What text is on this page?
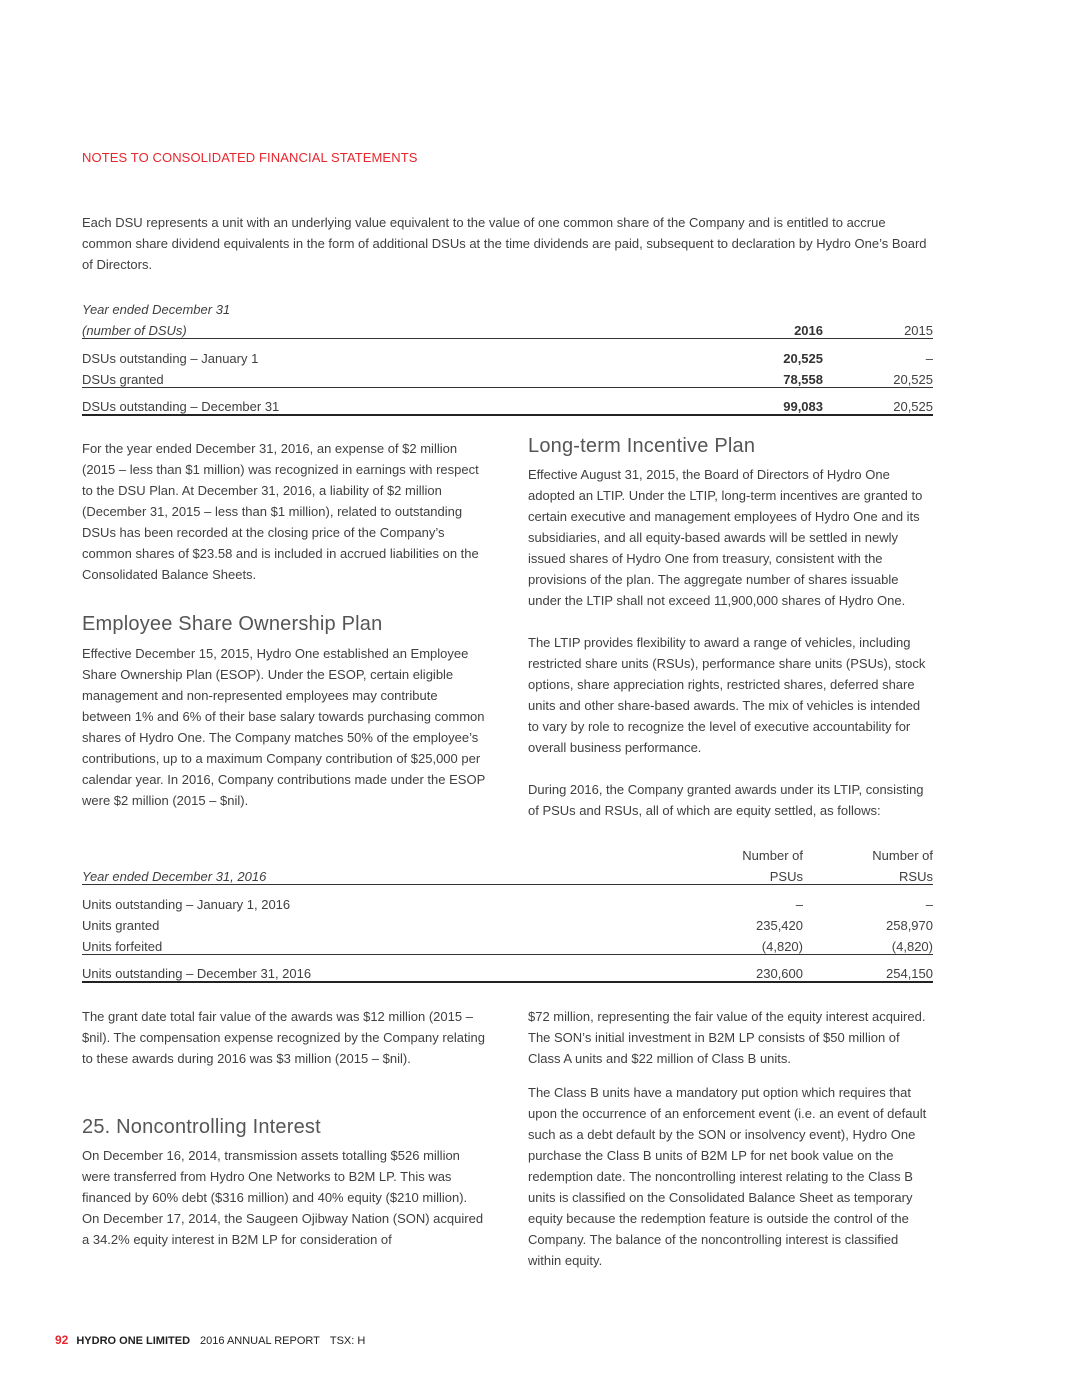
NOTES TO CONSOLIDATED FINANCIAL STATEMENTS

Each DSU represents a unit with an underlying value equivalent to the value of one common share of the Company and is entitled to accrue common share dividend equivalents in the form of additional DSUs at the time dividends are paid, subsequent to declaration by Hydro One’s Board of Directors.

Year ended December 31		
(number of DSUs)	2016	2015
DSUs outstanding – January 1	20,525	–
DSUs granted	78,558	20,525
DSUs outstanding – December 31	99,083	20,525

For the year ended December 31, 2016, an expense of $2 million (2015 – less than $1 million) was recognized in earnings with respect to the DSU Plan. At December 31, 2016, a liability of $2 million (December 31, 2015 – less than $1 million), related to outstanding DSUs has been recorded at the closing price of the Company’s common shares of $23.58 and is included in accrued liabilities on the Consolidated Balance Sheets.

Employee Share Ownership Plan

Effective December 15, 2015, Hydro One established an Employee Share Ownership Plan (ESOP). Under the ESOP, certain eligible management and non-represented employees may contribute between 1% and 6% of their base salary towards purchasing common shares of Hydro One. The Company matches 50% of the employee’s contributions, up to a maximum Company contribution of $25,000 per calendar year. In 2016, Company contributions made under the ESOP were $2 million (2015 – $nil).

Long-term Incentive Plan

Effective August 31, 2015, the Board of Directors of Hydro One adopted an LTIP. Under the LTIP, long-term incentives are granted to certain executive and management employees of Hydro One and its subsidiaries, and all equity-based awards will be settled in newly issued shares of Hydro One from treasury, consistent with the provisions of the plan. The aggregate number of shares issuable under the LTIP shall not exceed 11,900,000 shares of Hydro One.

The LTIP provides flexibility to award a range of vehicles, including restricted share units (RSUs), performance share units (PSUs), stock options, share appreciation rights, restricted shares, deferred share units and other share-based awards. The mix of vehicles is intended to vary by role to recognize the level of executive accountability for overall business performance.

During 2016, the Company granted awards under its LTIP, consisting of PSUs and RSUs, all of which are equity settled, as follows:

	Number of	Number of
Year ended December 31, 2016	PSUs	RSUs
Units outstanding – January 1, 2016	–	–
Units granted	235,420	258,970
Units forfeited	(4,820)	(4,820)
Units outstanding – December 31, 2016	230,600	254,150

The grant date total fair value of the awards was $12 million (2015 – $nil). The compensation expense recognized by the Company relating to these awards during 2016 was $3 million (2015 – $nil).

25. Noncontrolling Interest

On December 16, 2014, transmission assets totalling $526 million were transferred from Hydro One Networks to B2M LP. This was financed by 60% debt ($316 million) and 40% equity ($210 million). On December 17, 2014, the Saugeen Ojibway Nation (SON) acquired a 34.2% equity interest in B2M LP for consideration of

$72 million, representing the fair value of the equity interest acquired. The SON’s initial investment in B2M LP consists of $50 million of Class A units and $22 million of Class B units.

The Class B units have a mandatory put option which requires that upon the occurrence of an enforcement event (i.e. an event of default such as a debt default by the SON or insolvency event), Hydro One purchase the Class B units of B2M LP for net book value on the redemption date. The noncontrolling interest relating to the Class B units is classified on the Consolidated Balance Sheet as temporary equity because the redemption feature is outside the control of the Company. The balance of the noncontrolling interest is classified within equity.

92 HYDRO ONE LIMITED 2016 ANNUAL REPORT TSX: H
